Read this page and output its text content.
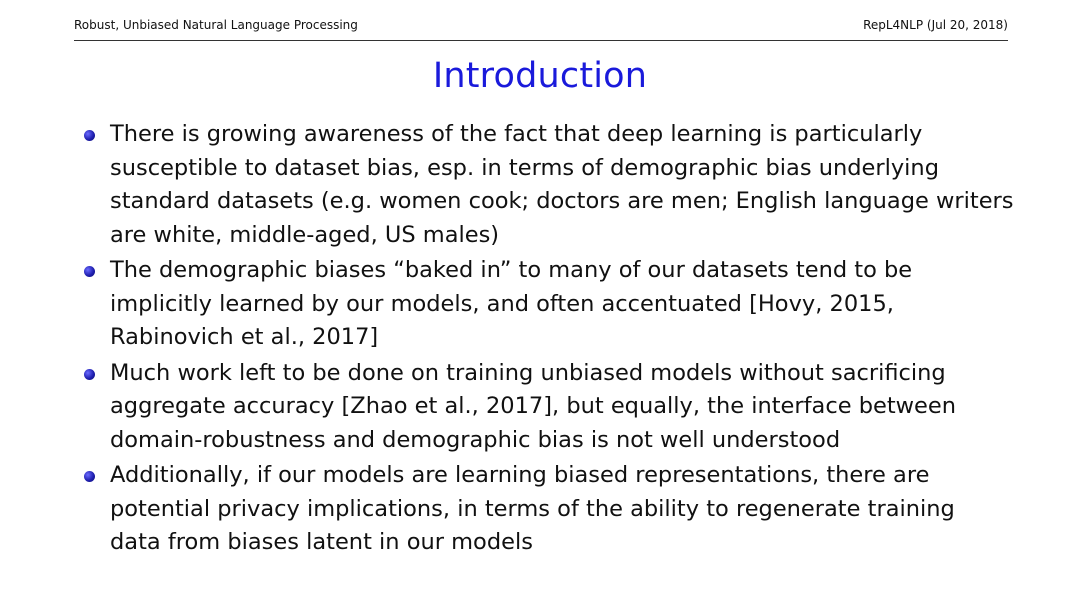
Robust, Unbiased Natural Language Processing	RepL4NLP (Jul 20, 2018)
Introduction
There is growing awareness of the fact that deep learning is particularly
susceptible to dataset bias, esp. in terms of demographic bias underlying
standard datasets (e.g. women cook; doctors are men; English language writers
are white, middle-aged, US males)
The demographic biases “baked in” to many of our datasets tend to be
implicitly learned by our models, and often accentuated [Hovy, 2015,
Rabinovich et al., 2017]
Much work left to be done on training unbiased models without sacrificing
aggregate accuracy [Zhao et al., 2017], but equally, the interface between
domain-robustness and demographic bias is not well understood
Additionally, if our models are learning biased representations, there are
potential privacy implications, in terms of the ability to regenerate training
data from biases latent in our models
